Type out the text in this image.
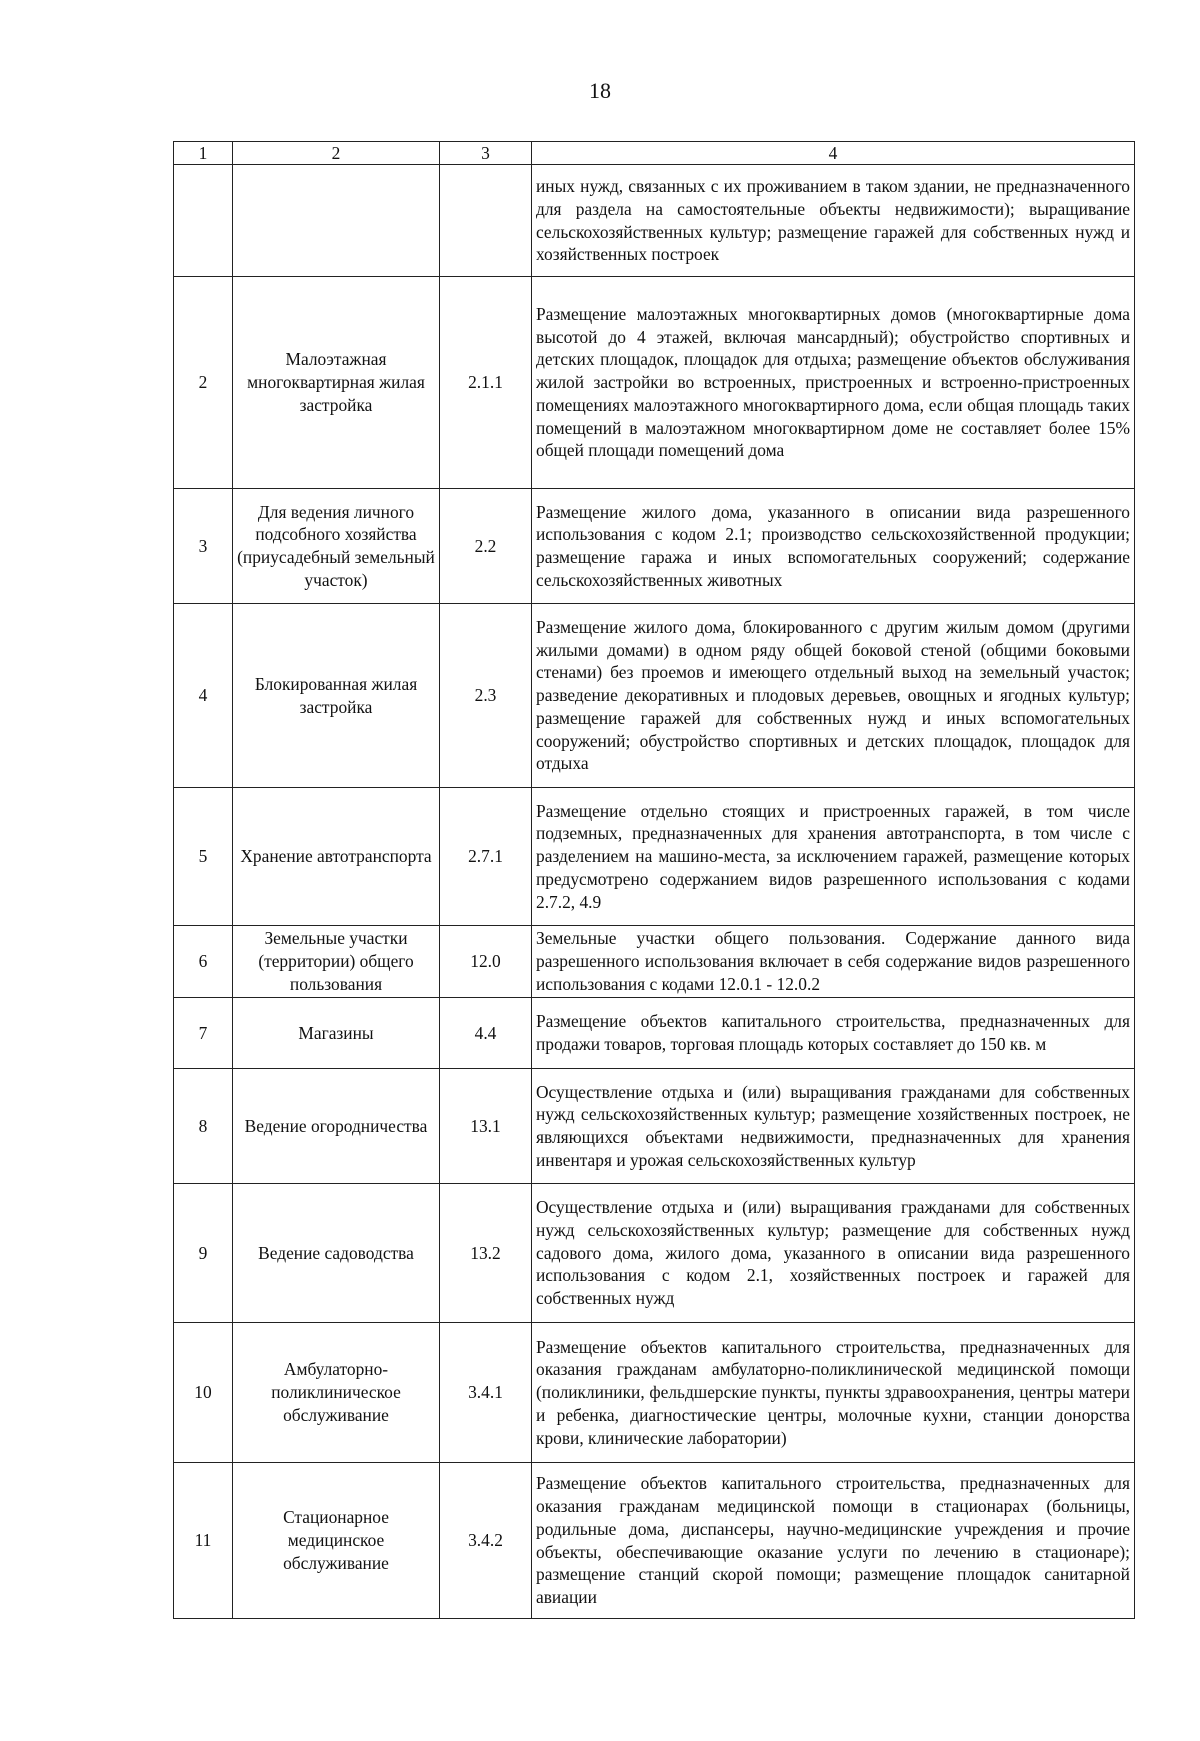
18
1	2	3	4
			иных нужд, связанных с их проживанием в таком здании, не предназначенного для раздела на самостоятельные объекты недвижимости); выращивание сельскохозяйственных культур; размещение гаражей для собственных нужд и хозяйственных построек
2	Малоэтажная многоквартирная жилая застройка	2.1.1	Размещение малоэтажных многоквартирных домов (многоквартирные дома высотой до 4 этажей, включая мансардный); обустройство спортивных и детских площадок, площадок для отдыха; размещение объектов обслуживания жилой застройки во встроенных, пристроенных и встроенно-пристроенных помещениях малоэтажного многоквартирного дома, если общая площадь таких помещений в малоэтажном многоквартирном доме не составляет более 15% общей площади помещений дома
3	Для ведения личного подсобного хозяйства (приусадебный земельный участок)	2.2	Размещение жилого дома, указанного в описании вида разрешенного использования с кодом 2.1; производство сельскохозяйственной продукции; размещение гаража и иных вспомогательных сооружений; содержание сельскохозяйственных животных
4	Блокированная жилая застройка	2.3	Размещение жилого дома, блокированного с другим жилым домом (другими жилыми домами) в одном ряду общей боковой стеной (общими боковыми стенами) без проемов и имеющего отдельный выход на земельный участок; разведение декоративных и плодовых деревьев, овощных и ягодных культур; размещение гаражей для собственных нужд и иных вспомогательных сооружений; обустройство спортивных и детских площадок, площадок для отдыха
5	Хранение автотранспорта	2.7.1	Размещение отдельно стоящих и пристроенных гаражей, в том числе подземных, предназначенных для хранения автотранспорта, в том числе с разделением на машино-места, за исключением гаражей, размещение которых предусмотрено содержанием видов разрешенного использования с кодами 2.7.2, 4.9
6	Земельные участки (территории) общего пользования	12.0	Земельные участки общего пользования. Содержание данного вида разрешенного использования включает в себя содержание видов разрешенного использования с кодами 12.0.1 - 12.0.2
7	Магазины	4.4	Размещение объектов капитального строительства, предназначенных для продажи товаров, торговая площадь которых составляет до 150 кв. м
8	Ведение огородничества	13.1	Осуществление отдыха и (или) выращивания гражданами для собственных нужд сельскохозяйственных культур; размещение хозяйственных построек, не являющихся объектами недвижимости, предназначенных для хранения инвентаря и урожая сельскохозяйственных культур
9	Ведение садоводства	13.2	Осуществление отдыха и (или) выращивания гражданами для собственных нужд сельскохозяйственных культур; размещение для собственных нужд садового дома, жилого дома, указанного в описании вида разрешенного использования с кодом 2.1, хозяйственных построек и гаражей для собственных нужд
10	Амбулаторно-поликлиническое обслуживание	3.4.1	Размещение объектов капитального строительства, предназначенных для оказания гражданам амбулаторно-поликлинической медицинской помощи (поликлиники, фельдшерские пункты, пункты здравоохранения, центры матери и ребенка, диагностические центры, молочные кухни, станции донорства крови, клинические лаборатории)
11	Стационарное медицинское обслуживание	3.4.2	Размещение объектов капитального строительства, предназначенных для оказания гражданам медицинской помощи в стационарах (больницы, родильные дома, диспансеры, научно-медицинские учреждения и прочие объекты, обеспечивающие оказание услуги по лечению в стационаре); размещение станций скорой помощи; размещение площадок санитарной авиации
